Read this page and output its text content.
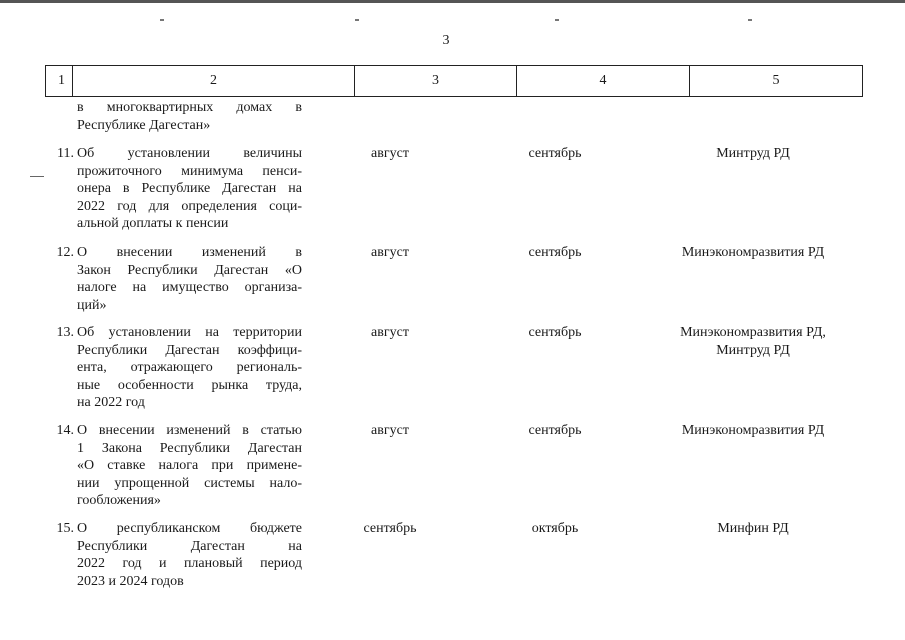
3
1	2	3	4	5
в многоквартирных домах в
Республике Дагестан»
11. Об установлении величины
прожиточного минимума пенси-
онера в Республике Дагестан на
2022 год для определения соци-
альной доплаты к пенсии
август	сентябрь	Минтруд РД
12. О внесении изменений в
Закон Республики Дагестан «О
налоге на имущество организа-
ций»
август	сентябрь	Минэкономразвития РД
13. Об установлении на территории
Республики Дагестан коэффици-
ента, отражающего региональ-
ные особенности рынка труда,
на 2022 год
август	сентябрь	Минэкономразвития РД,
Минтруд РД
14. О внесении изменений в статью
1 Закона Республики Дагестан
«О ставке налога при примене-
нии упрощенной системы нало-
гообложения»
август	сентябрь	Минэкономразвития РД
15. О республиканском бюджете
Республики Дагестан на
2022 год и плановый период
2023 и 2024 годов
сентябрь	октябрь	Минфин РД
